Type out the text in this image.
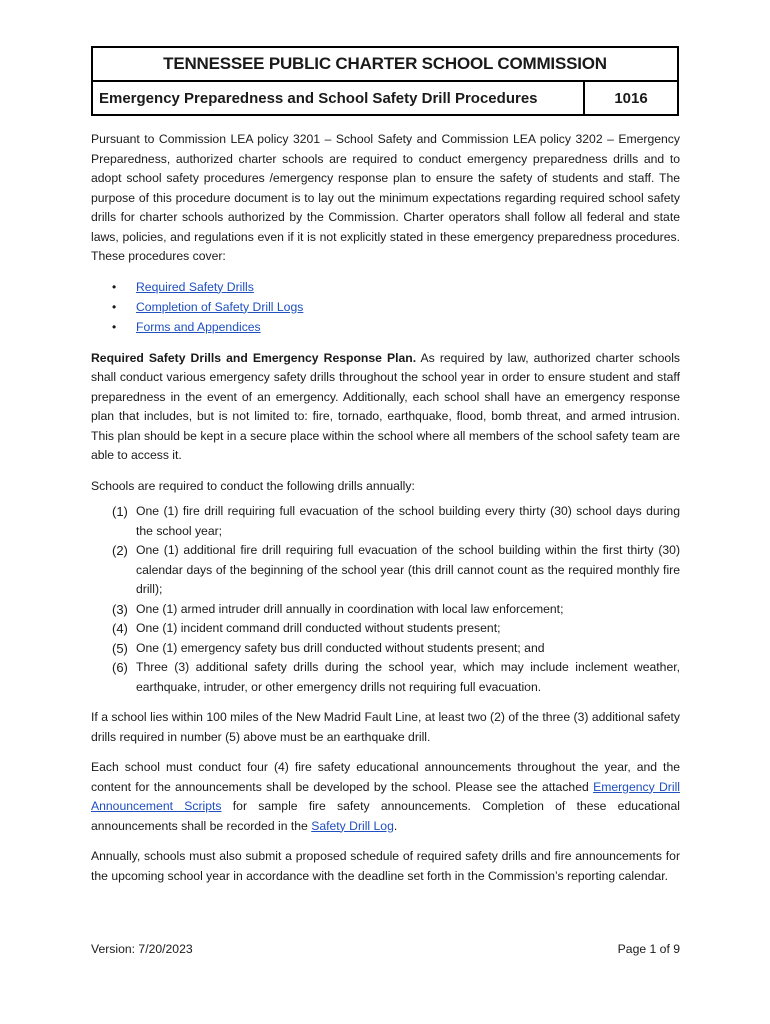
TENNESSEE PUBLIC CHARTER SCHOOL COMMISSION
Emergency Preparedness and School Safety Drill Procedures	1016

Pursuant to Commission LEA policy 3201 – School Safety and Commission LEA policy 3202 – Emergency Preparedness, authorized charter schools are required to conduct emergency preparedness drills and to adopt school safety procedures /emergency response plan to ensure the safety of students and staff. The purpose of this procedure document is to lay out the minimum expectations regarding required school safety drills for charter schools authorized by the Commission. Charter operators shall follow all federal and state laws, policies, and regulations even if it is not explicitly stated in these emergency preparedness procedures. These procedures cover:

• Required Safety Drills
• Completion of Safety Drill Logs
• Forms and Appendices

Required Safety Drills and Emergency Response Plan. As required by law, authorized charter schools shall conduct various emergency safety drills throughout the school year in order to ensure student and staff preparedness in the event of an emergency. Additionally, each school shall have an emergency response plan that includes, but is not limited to: fire, tornado, earthquake, flood, bomb threat, and armed intrusion. This plan should be kept in a secure place within the school where all members of the school safety team are able to access it.

Schools are required to conduct the following drills annually:

(1) One (1) fire drill requiring full evacuation of the school building every thirty (30) school days during the school year;
(2) One (1) additional fire drill requiring full evacuation of the school building within the first thirty (30) calendar days of the beginning of the school year (this drill cannot count as the required monthly fire drill);
(3) One (1) armed intruder drill annually in coordination with local law enforcement;
(4) One (1) incident command drill conducted without students present;
(5) One (1) emergency safety bus drill conducted without students present; and
(6) Three (3) additional safety drills during the school year, which may include inclement weather, earthquake, intruder, or other emergency drills not requiring full evacuation.

If a school lies within 100 miles of the New Madrid Fault Line, at least two (2) of the three (3) additional safety drills required in number (5) above must be an earthquake drill.

Each school must conduct four (4) fire safety educational announcements throughout the year, and the content for the announcements shall be developed by the school. Please see the attached Emergency Drill Announcement Scripts for sample fire safety announcements. Completion of these educational announcements shall be recorded in the Safety Drill Log.

Annually, schools must also submit a proposed schedule of required safety drills and fire announcements for the upcoming school year in accordance with the deadline set forth in the Commission’s reporting calendar.

Version: 7/20/2023	Page 1 of 9
